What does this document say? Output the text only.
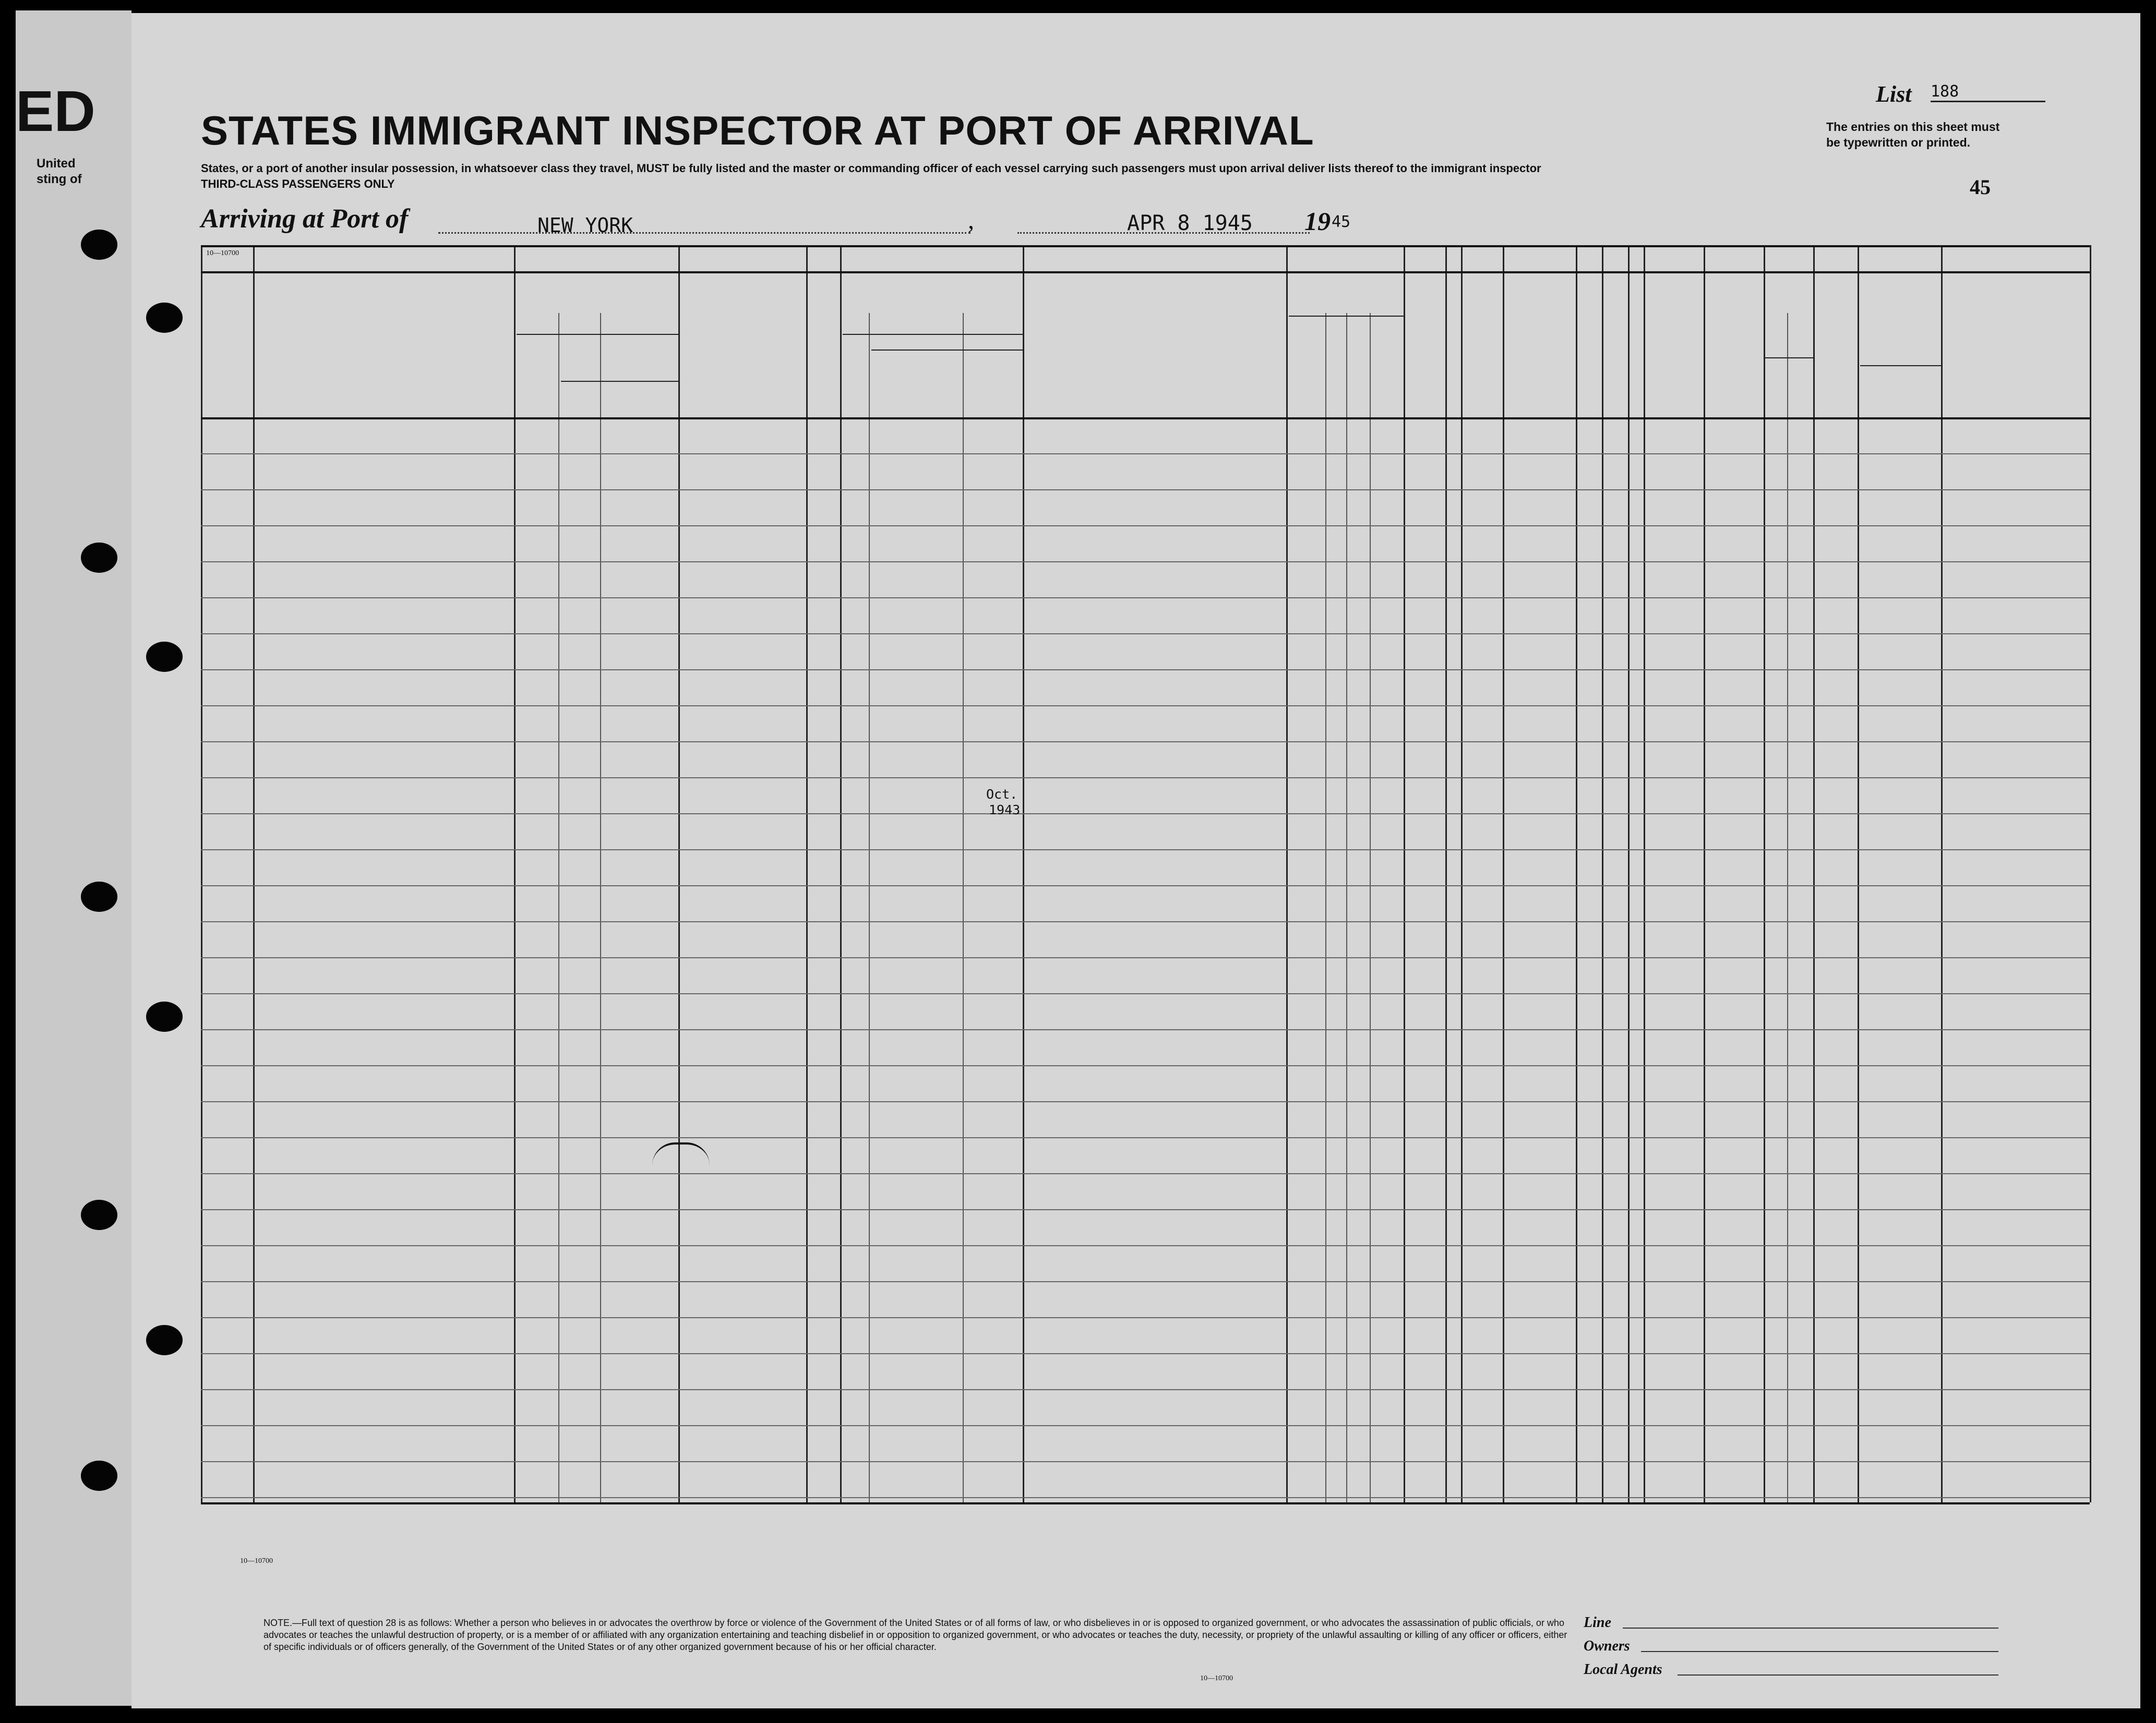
ED
United
sting of
STATES IMMIGRANT INSPECTOR AT PORT OF ARRIVAL
States, or a port of another insular possession, in whatsoever class they travel, MUST be fully listed and the master or commanding officer of each vessel carrying such passengers must upon arrival deliver lists thereof to the immigrant inspector
THIRD-CLASS PASSENGERS ONLY
List 188
The entries on this sheet must
be typewritten or printed.
45
Arriving at Port of	NEW YORK	,	APR 8 1945 19 45
Oct.
1943
NOTE.—Full text of question 28 is as follows: Whether a person who believes in or advocates the overthrow by force or violence of the Government of the United States or of all forms of law, or who disbelieves in or is opposed to organized government, or who advocates the assassination of public officials, or who advocates or teaches the unlawful destruction of property, or is a member of or affiliated with any organization entertaining and teaching disbelief in or opposition to organized government, or who advocates or teaches the duty, necessity, or propriety of the unlawful assaulting or killing of any officer or officers, either of specific individuals or of officers generally, of the Government of the United States or of any other organized government because of his or her official character.
Line
Owners
Local Agents
10—10700
10—10700
10—10700
